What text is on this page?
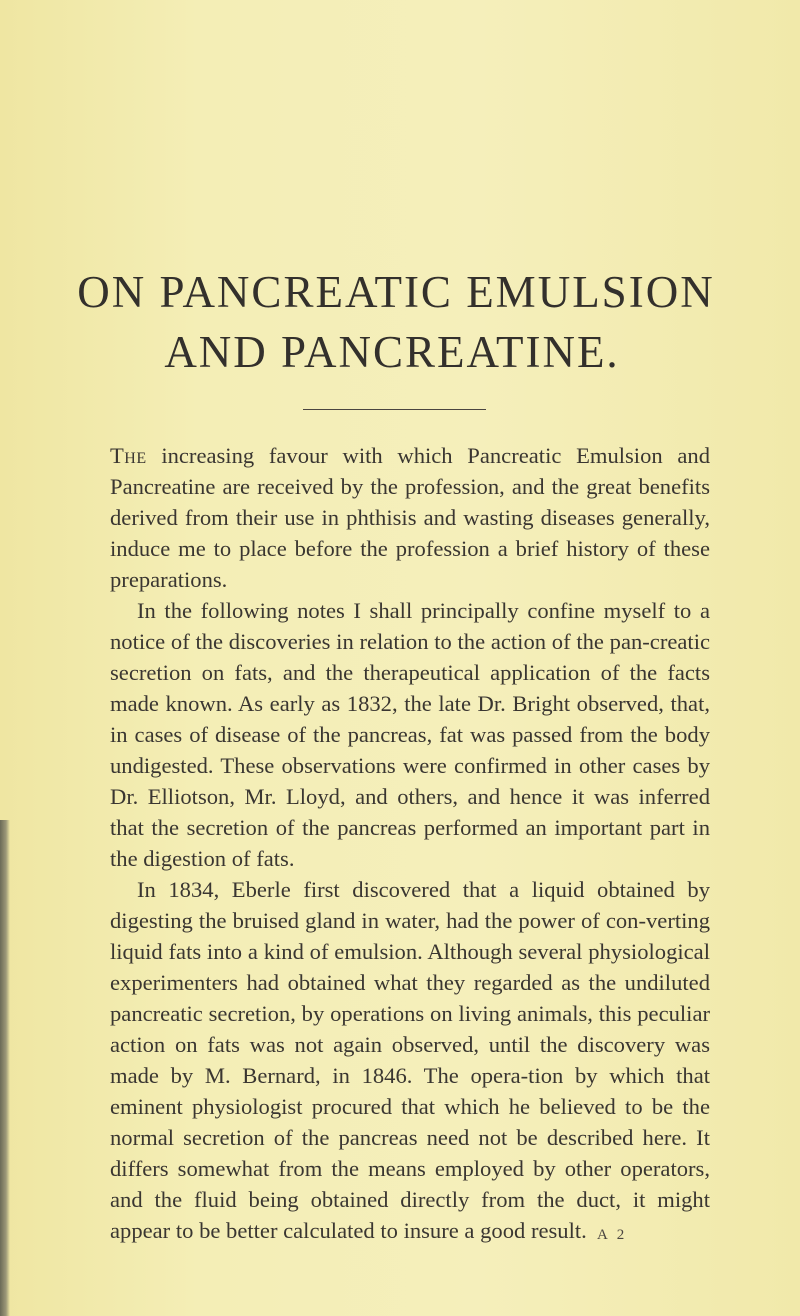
ON PANCREATIC EMULSION
AND PANCREATINE.

The increasing favour with which Pancreatic Emulsion and Pancreatine are received by the profession, and the great benefits derived from their use in phthisis and wasting diseases generally, induce me to place before the profession a brief history of these preparations.

In the following notes I shall principally confine myself to a notice of the discoveries in relation to the action of the pan-creatic secretion on fats, and the therapeutical application of the facts made known. As early as 1832, the late Dr. Bright observed, that, in cases of disease of the pancreas, fat was passed from the body undigested. These observations were confirmed in other cases by Dr. Elliotson, Mr. Lloyd, and others, and hence it was inferred that the secretion of the pancreas performed an important part in the digestion of fats.

In 1834, Eberle first discovered that a liquid obtained by digesting the bruised gland in water, had the power of con-verting liquid fats into a kind of emulsion. Although several physiological experimenters had obtained what they regarded as the undiluted pancreatic secretion, by operations on living animals, this peculiar action on fats was not again observed, until the discovery was made by M. Bernard, in 1846. The opera-tion by which that eminent physiologist procured that which he believed to be the normal secretion of the pancreas need not be described here. It differs somewhat from the means employed by other operators, and the fluid being obtained directly from the duct, it might appear to be better calculated to insure a good result. A 2
